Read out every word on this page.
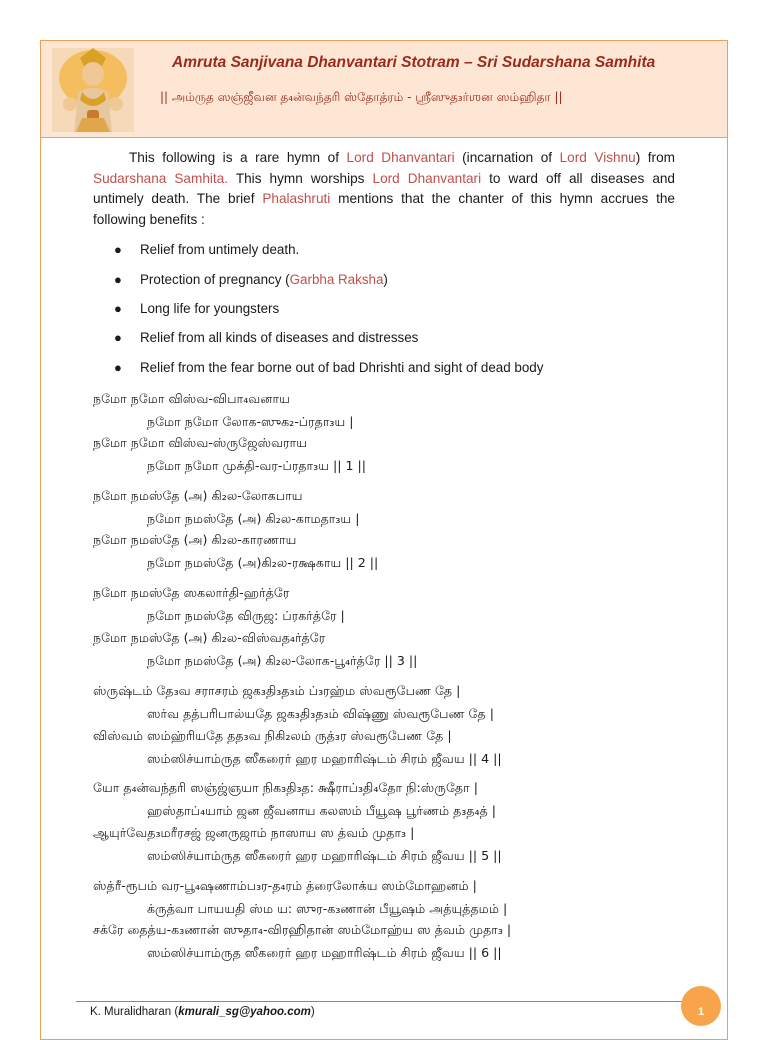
Amruta Sanjivana Dhanvantari Stotram – Sri Sudarshana Samhita
|| அம்ருத ஸஞ்ஜீவன த₄ன்வந்தரி ஸ்தோத்ரம் - ஸ்ரீஸுத₃ர்ஶன ஸம்ஹிதா ||
This following is a rare hymn of Lord Dhanvantari (incarnation of Lord Vishnu) from Sudarshana Samhita. This hymn worships Lord Dhanvantari to ward off all diseases and untimely death. The brief Phalashruti mentions that the chanter of this hymn accrues the following benefits :
● Relief from untimely death.
● Protection of pregnancy (Garbha Raksha)
● Long life for youngsters
● Relief from all kinds of diseases and distresses
● Relief from the fear borne out of bad Dhrishti and sight of dead body
நமோ நமோ விஸ்வ-விபா₄வனாய
நமோ நமோ லோக-ஸுக₂-ப்ரதா₃ய |
நமோ நமோ விஸ்வ-ஸ்ருஜேஸ்வராய
நமோ நமோ முக்தி-வர-ப்ரதா₃ய || 1 ||
நமோ நமஸ்தே (அ) கி₂ல-லோகபாய
நமோ நமஸ்தே (அ) கி₂ல-காமதா₃ய |
நமோ நமஸ்தே (அ) கி₂ல-காரணாய
நமோ நமஸ்தே (அ)கி₂ல-ரக்ஷகாய || 2 ||
நமோ நமஸ்தே ஸகலார்தி-ஹர்த்ரே
நமோ நமஸ்தே விருஜ: ப்ரகர்த்ரே |
நமோ நமஸ்தே (அ) கி₂ல-விஸ்வத₄ர்த்ரே
நமோ நமஸ்தே (அ) கி₂ல-லோக-பூ₄ர்த்ரே || 3 ||
ஸ்ருஷ்டம் தே₃வ சராசரம் ஜக₃தி₃த₃ம் ப்₃ரஹ்ம ஸ்வரூபேண தே |
ஸர்வ தத்பரிபால்யதே ஜக₃தி₃த₃ம் விஷ்ணு ஸ்வரூபேண தே |
விஸ்வம் ஸம்ஹ்ரியதே தத₃வ நிகி₂லம் ருத்₃ர ஸ்வரூபேண தே |
ஸம்ஸிச்யாம்ருத ஸீகரைர் ஹர மஹாரிஷ்டம் சிரம் ஜீவய || 4 ||
யோ த₄ன்வந்தரி ஸஞ்ஜ்ஞயா நிக₃தி₃த: க்ஷீராப்₃தி₄தோ நி:ஸ்ருதோ |
ஹஸ்தாப்₄யாம் ஜன ஜீவனாய கலஸம் பீயூஷ பூர்ணம் த₃த₄த் |
ஆயுர்வேத₃மரீரசஜ் ஜனருஜாம் நாஸாய ஸ த்வம் முதா₃ |
ஸம்ஸிச்யாம்ருத ஸீகரைர் ஹர மஹாரிஷ்டம் சிரம் ஜீவய || 5 ||
ஸ்த்ரீ-ரூபம் வர-பூ₄ஷணாம்ப₃ர-த₄ரம் த்ரைலோக்ய ஸம்மோஹனம் |
க்ருத்வா பாயயதி ஸ்ம ய: ஸுர-க₃ணான் பீயூஷம் அத்யுத்தமம் |
சக்ரே தைத்ய-க₃ணான் ஸுதா₄-விரஹிதான் ஸம்மோஹ்ய ஸ த்வம் முதா₃ |
ஸம்ஸிச்யாம்ருத ஸீகரைர் ஹர மஹாரிஷ்டம் சிரம் ஜீவய || 6 ||
K. Muralidharan (kmurali_sg@yahoo.com)	1
